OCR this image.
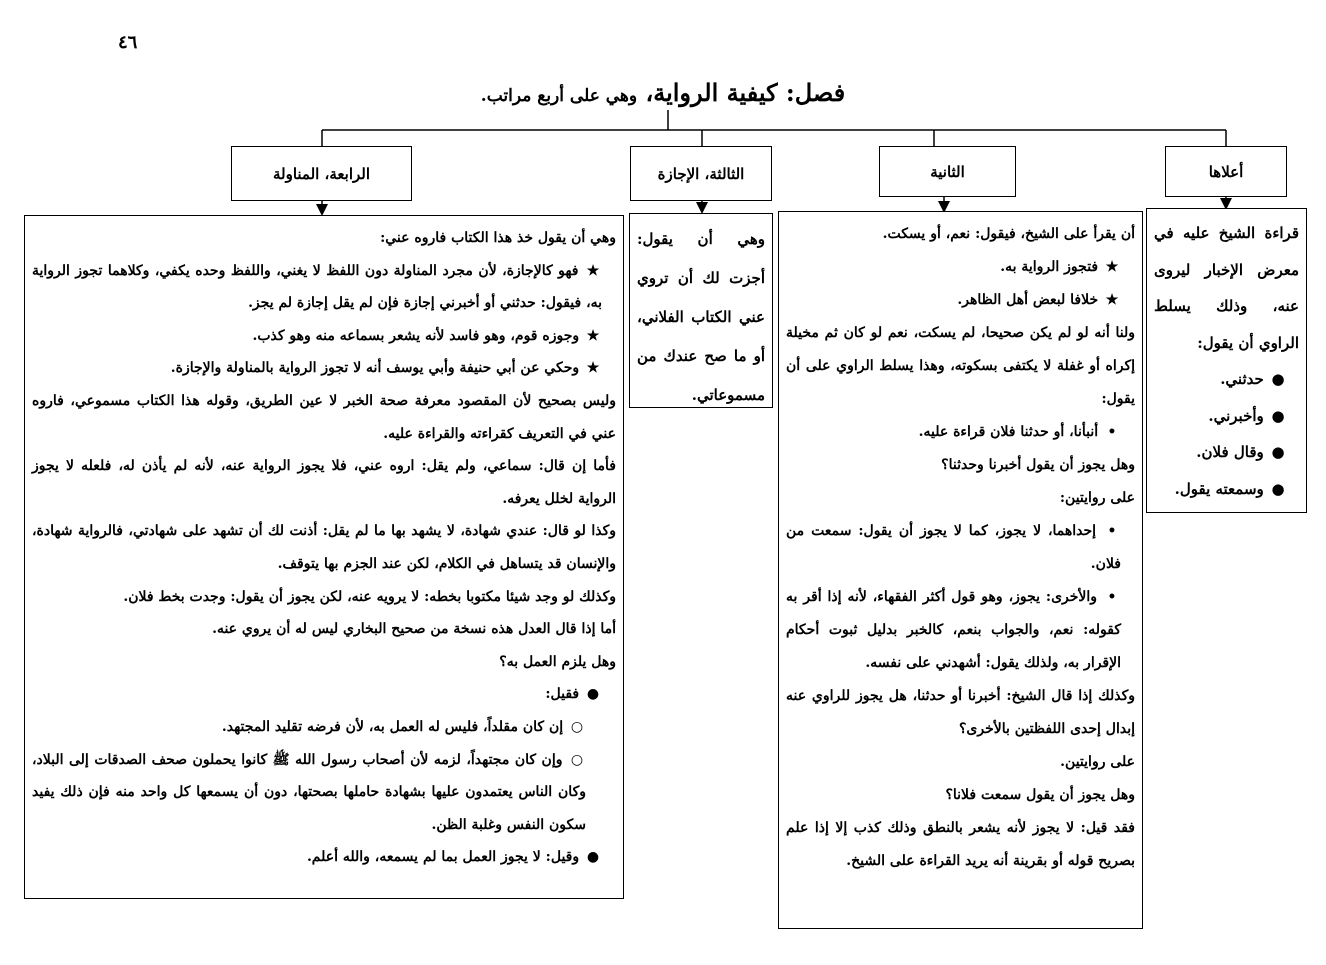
٤٦
فصل: كيفية الرواية، وهي على أربع مراتب.
أعلاها
الثانية
الثالثة، الإجازة
الرابعة، المناولة

قراءة الشيخ عليه في معرض الإخبار ليروى عنه، وذلك يسلط الراوي أن يقول:

● حدثني.
● وأخبرني.
● وقال فلان.
● وسمعته يقول.

أن يقرأ على الشيخ، فيقول: نعم، أو يسكت.

★ فتجوز الرواية به.

★ خلافا لبعض أهل الظاهر.

ولنا أنه لو لم يكن صحيحا، لم يسكت، نعم لو كان ثم مخيلة إكراه أو غفلة لا يكتفى بسكوته، وهذا يسلط الراوي على أن يقول:

• أنبأنا، أو حدثنا فلان قراءة عليه.

وهل يجوز أن يقول أخبرنا وحدثنا؟

على روايتين:

• إحداهما، لا يجوز، كما لا يجوز أن يقول: سمعت من فلان.

• والأخرى: يجوز، وهو قول أكثر الفقهاء، لأنه إذا أقر به كقوله: نعم، والجواب بنعم، كالخبر بدليل ثبوت أحكام الإقرار به، ولذلك يقول: أشهدني على نفسه.

وكذلك إذا قال الشيخ: أخبرنا أو حدثنا، هل يجوز للراوي عنه إبدال إحدى اللفظتين بالأخرى؟

على روايتين.

وهل يجوز أن يقول سمعت فلانا؟

فقد قيل: لا يجوز لأنه يشعر بالنطق وذلك كذب إلا إذا علم بصريح قوله أو بقرينة أنه يريد القراءة على الشيخ.

وهي أن يقول: أجزت لك أن تروي عني الكتاب الفلاني، أو ما صح عندك من مسموعاتي.

وهي أن يقول خذ هذا الكتاب فاروه عني:

★ فهو كالإجازة، لأن مجرد المناولة دون اللفظ لا يغني، واللفظ وحده يكفي، وكلاهما تجوز الرواية به، فيقول: حدثني أو أخبرني إجازة فإن لم يقل إجازة لم يجز.

★ وجوزه قوم، وهو فاسد لأنه يشعر بسماعه منه وهو كذب.

★ وحكي عن أبي حنيفة وأبي يوسف أنه لا تجوز الرواية بالمناولة والإجازة.

وليس بصحيح لأن المقصود معرفة صحة الخبر لا عين الطريق، وقوله هذا الكتاب مسموعي، فاروه عني في التعريف كقراءته والقراءة عليه.

فأما إن قال: سماعي، ولم يقل: اروه عني، فلا يجوز الرواية عنه، لأنه لم يأذن له، فلعله لا يجوز الرواية لخلل يعرفه.

وكذا لو قال: عندي شهادة، لا يشهد بها ما لم يقل: أذنت لك أن تشهد على شهادتي، فالرواية شهادة، والإنسان قد يتساهل في الكلام، لكن عند الجزم بها يتوقف.

وكذلك لو وجد شيئا مكتوبا بخطه: لا يرويه عنه، لكن يجوز أن يقول: وجدت بخط فلان.

أما إذا قال العدل هذه نسخة من صحيح البخاري ليس له أن يروي عنه.

وهل يلزم العمل به؟

● فقيل:

○ إن كان مقلداً، فليس له العمل به، لأن فرضه تقليد المجتهد.

○ وإن كان مجتهداً، لزمه لأن أصحاب رسول الله ﷺ كانوا يحملون صحف الصدقات إلى البلاد، وكان الناس يعتمدون عليها بشهادة حاملها بصحتها، دون أن يسمعها كل واحد منه فإن ذلك يفيد سكون النفس وغلبة الظن.

● وقيل: لا يجوز العمل بما لم يسمعه، والله أعلم.
